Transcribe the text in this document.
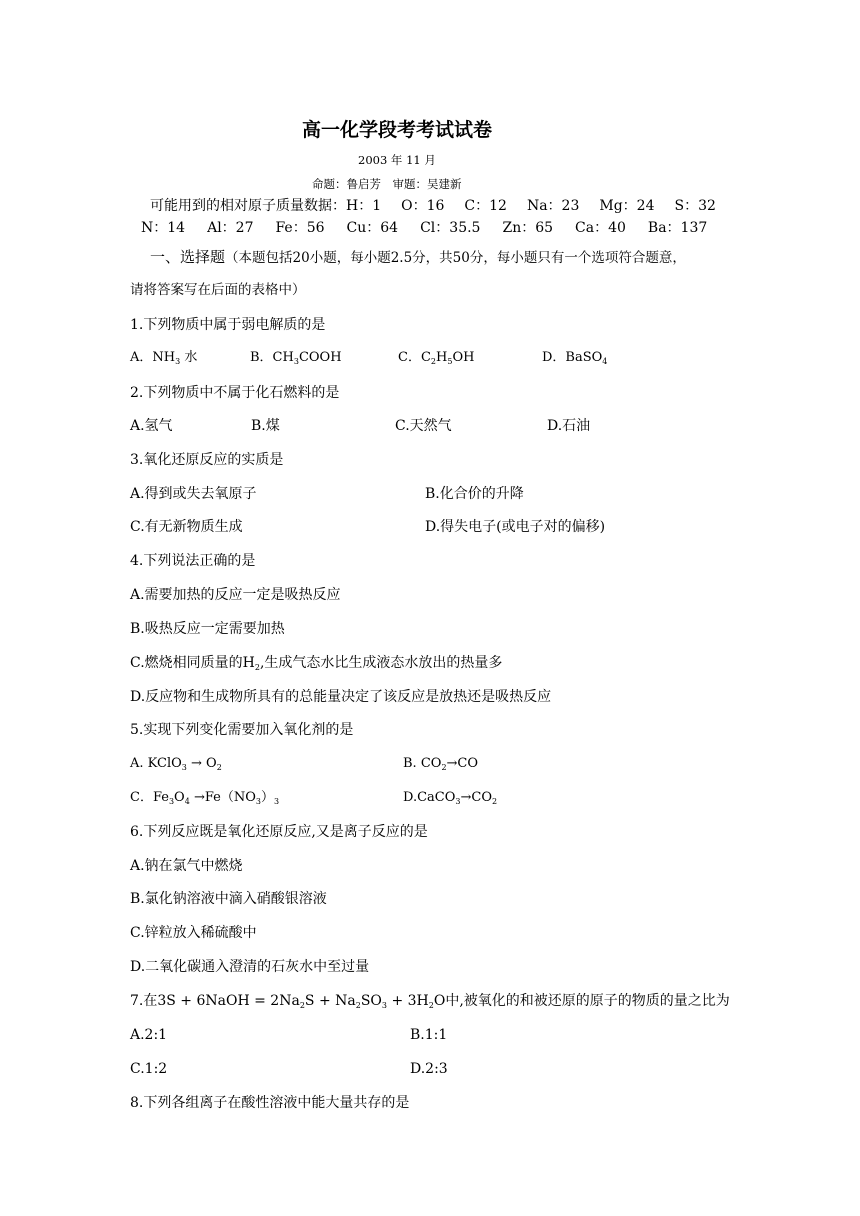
高一化学段考考试试卷
2003 年 11 月
命题：鲁启芳　审题：吴建新
可能用到的相对原子质量数据：H：1 O：16 C：12 Na：23 Mg：24 S：32
N：14 Al：27 Fe：56 Cu：64 Cl：35.5 Zn：65 Ca：40 Ba：137
一、选择题（本题包括20小题，每小题2.5分，共50分，每小题只有一个选项符合题意，
请将答案写在后面的表格中）
1.下列物质中属于弱电解质的是
A．$NH_3$ 水	B．$CH_3COOH$	C．$C_2H_5OH$	D．BaSO$_4$
2.下列物质中不属于化石燃料的是
A.氢气	B.煤	C.天然气	D.石油
3.氧化还原反应的实质是
A.得到或失去氧原子	B.化合价的升降
C.有无新物质生成	D.得失电子(或电子对的偏移)
4.下列说法正确的是
A.需要加热的反应一定是吸热反应
B.吸热反应一定需要加热
C.燃烧相同质量的$H_2$,生成气态水比生成液态水放出的热量多
D.反应物和生成物所具有的总能量决定了该反应是放热还是吸热反应
5.实现下列变化需要加入氧化剂的是
A. KClO$_3$ → $O_2$	B. $CO_2\to CO$
C．$Fe_3O_4 \to Fe(NO_3)_3$	$D.CaCO_3\to CO_2$
6.下列反应既是氧化还原反应,又是离子反应的是
A.钠在氯气中燃烧
B.氯化钠溶液中滴入硝酸银溶液
C.锌粒放入稀硫酸中
D.二氧化碳通入澄清的石灰水中至过量
7.在3S + 6NaOH = $2Na_2S + Na_2SO_3 + 3H_2O$中,被氧化的和被还原的原子的物质的量之比为
A.2:1	B.1:1
C.1:2	D.2:3
8.下列各组离子在酸性溶液中能大量共存的是
